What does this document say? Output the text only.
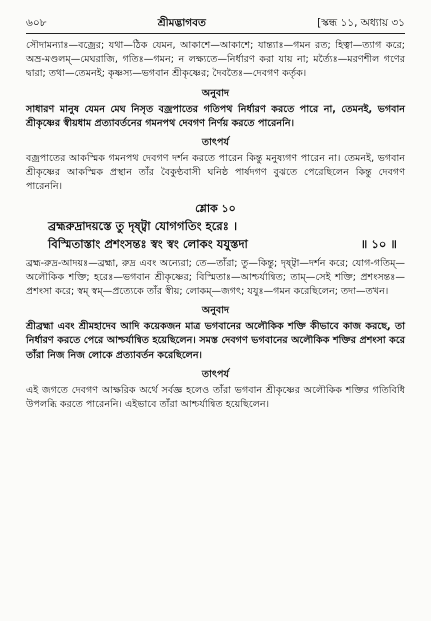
৬০৮	শ্রীমদ্ভাগবত	[স্কন্ধ ১১, অধ্যায় ৩১

সৌদামন্যাঃ—বজ্রের; যথা—ঠিক যেমন, আকাশে—আকাশে; যান্ত্যাঃ—গমন রত; হিত্বা—ত্যাগ করে; অভ্র-মণ্ডলম্—মেঘরাজি, গতিঃ—গমন; ন লক্ষ্যতে—নির্ধারণ করা যায় না; মর্ত্যৈঃ—মরণশীল গণের দ্বারা; তথা—তেমনই; কৃষ্ণস্য—ভগবান শ্রীকৃষ্ণের; দৈবতৈঃ—দেবগণ কর্তৃক।

অনুবাদ

সাধারণ মানুষ যেমন মেঘ নিসৃত বজ্রপাতের গতিপথ নির্ধারণ করতে পারে না, তেমনই, ভগবান শ্রীকৃষ্ণের স্বীয়ধাম প্রত্যাবর্তনের গমনপথ দেবগণ নির্ণয় করতে পারেননি।

তাৎপর্য

বজ্রপাতের আকস্মিক গমনপথ দেবগণ দর্শন করতে পারেন কিন্তু মনুষ্যগণ পারেন না। তেমনই, ভগবান শ্রীকৃষ্ণের আকস্মিক প্রস্থান তাঁর বৈকুণ্ঠবাসী ঘনিষ্ঠ পার্ষদগণ বুঝতে পেরেছিলেন কিন্তু দেবগণ পারেননি।

শ্লোক ১০
ব্রহ্মরুদ্রাদয়স্তে তু দৃষ্ট্বা যোগগতিং হরেঃ ।
বিস্মিতাস্তাং প্রশংসন্তঃ স্বং স্বং লোকং যযুস্তদা	॥ ১০ ॥

ব্রহ্ম-রুদ্র-আদয়ঃ—ব্রহ্মা, রুদ্র এবং অন্যেরা; তে—তাঁরা; তু—কিন্তু; দৃষ্ট্বা—দর্শন করে; যোগ-গতিম্—অলৌকিক শক্তি; হরেঃ—ভগবান শ্রীকৃষ্ণের; বিস্মিতাঃ—আশ্চর্যান্বিত; তাম্—সেই শক্তি; প্রশংসন্তঃ—প্রশংসা করে; স্বম্ স্বম্—প্রত্যেকে তাঁর স্বীয়; লোকম্—জগৎ; যযুঃ—গমন করেছিলেন; তদা—তখন।

অনুবাদ

শ্রীব্রহ্মা এবং শ্রীমহাদেব আদি কয়েকজন মাত্র ভগবানের অলৌকিক শক্তি কীভাবে কাজ করছে, তা নির্ধারণ করতে পেরে আশ্চর্যান্বিত হয়েছিলেন। সমস্ত দেবগণ ভগবানের অলৌকিক শক্তির প্রশংসা করে তাঁরা নিজ নিজ লোকে প্রত্যাবর্তন করেছিলেন।

তাৎপর্য

এই জগতে দেবগণ আক্ষরিক অর্থে সর্বজ্ঞ হলেও তাঁরা ভগবান শ্রীকৃষ্ণের অলৌকিক শক্তির গতিবিধি উপলব্ধি করতে পারেননি। এইভাবে তাঁরা আশ্চর্যান্বিত হয়েছিলেন।
